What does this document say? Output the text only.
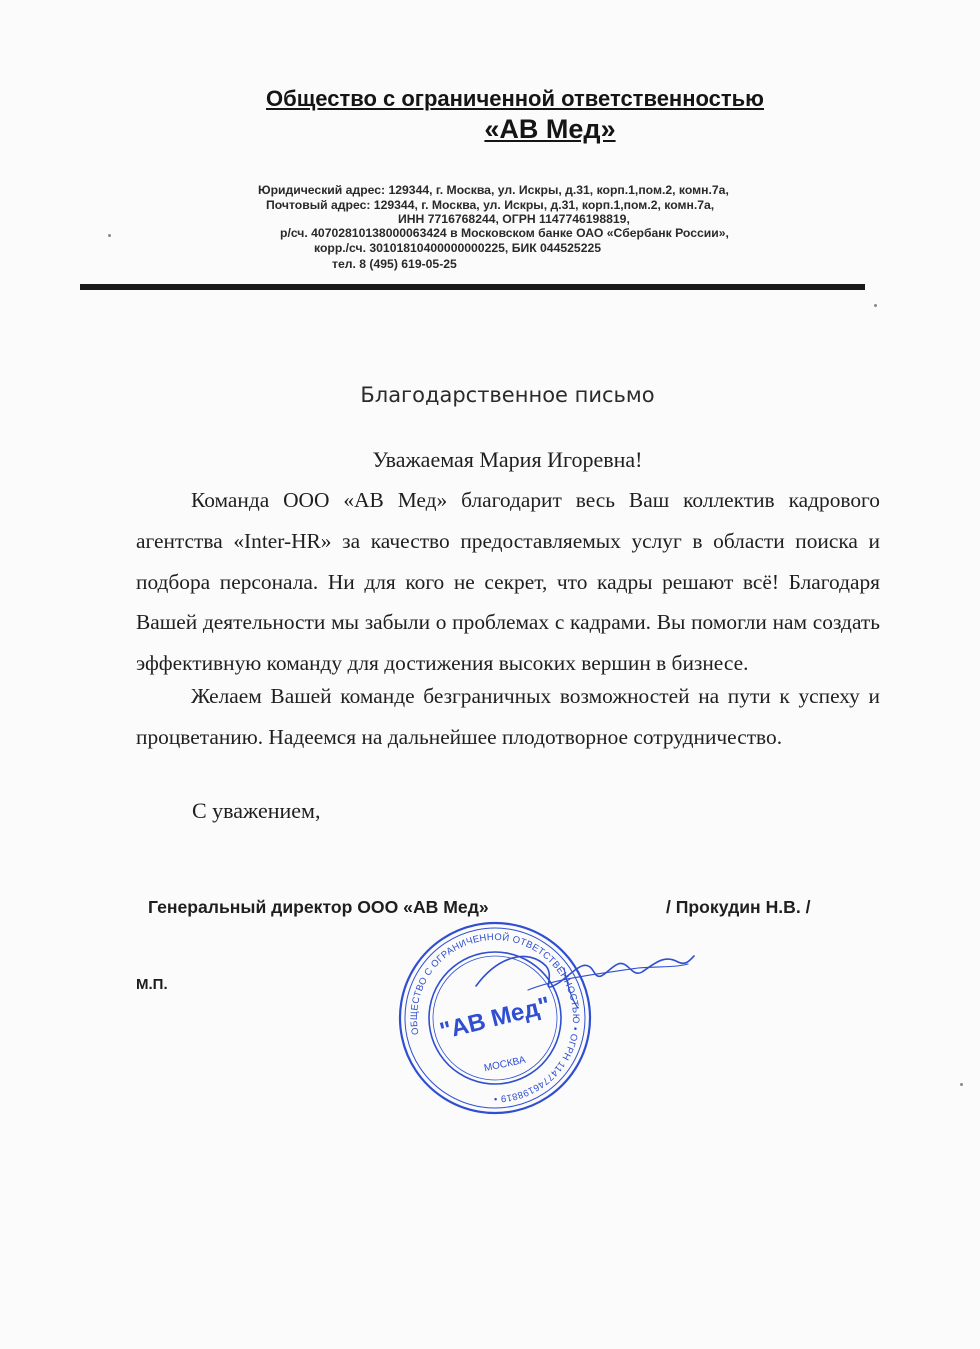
Общество с ограниченной ответственностью
«АВ Мед»
Юридический адрес: 129344, г. Москва, ул. Искры, д.31, корп.1,пом.2, комн.7а,
Почтовый адрес: 129344, г. Москва, ул. Искры, д.31, корп.1,пом.2, комн.7а,
ИНН 7716768244, ОГРН 1147746198819,
р/сч. 40702810138000063424 в Московском банке ОАО «Сбербанк России»,
корр./сч. 30101810400000000225, БИК 044525225
тел. 8 (495) 619-05-25
Благодарственное письмо
Уважаемая Мария Игоревна!

Команда ООО «АВ Мед» благодарит весь Ваш коллектив кадрового агентства «Inter-HR» за качество предоставляемых услуг в области поиска и подбора персонала. Ни для кого не секрет, что кадры решают всё! Благодаря Вашей деятельности мы забыли о проблемах с кадрами. Вы помогли нам создать эффективную команду для достижения высоких вершин в бизнесе.

Желаем Вашей команде безграничных возможностей на пути к успеху и процветанию. Надеемся на дальнейшее плодотворное сотрудничество.

С уважением,
Генеральный директор ООО «АВ Мед»	/ Прокудин Н.В. /
М.П.
ОБЩЕСТВО С ОГРАНИЧЕННОЙ ОТВЕТСТВЕННОСТЬЮ • ОГРН 1147746198819 •
"АВ Мед"
МОСКВА
